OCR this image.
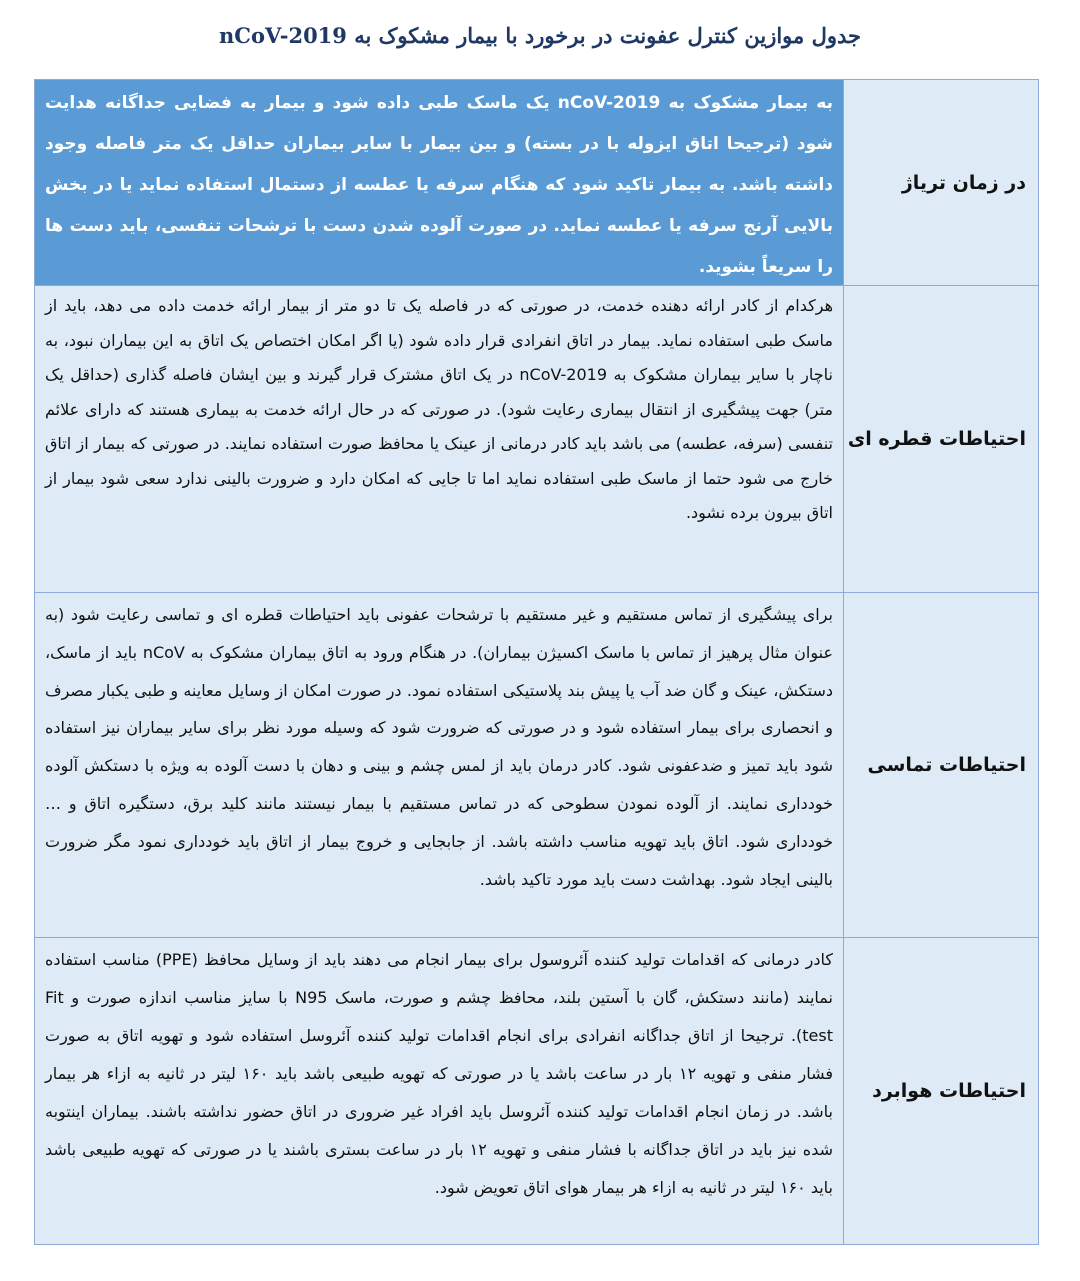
جدول موازین کنترل عفونت در برخورد با بیمار مشکوک به nCoV-2019
در زمان تریاژ
به بیمار مشکوک به nCoV-2019 یک ماسک طبی داده شود و بیمار به فضایی جداگانه هدایت شود (ترجیحا اتاق ایزوله با در بسته) و بین بیمار با سایر بیماران حداقل یک متر فاصله وجود داشته باشد. به بیمار تاکید شود که هنگام سرفه یا عطسه از دستمال استفاده نماید یا در بخش بالایی آرنج سرفه یا عطسه نماید. در صورت آلوده شدن دست با ترشحات تنفسی، باید دست ها را سریعاً بشوید.
احتیاطات قطره ای
هرکدام از کادر ارائه دهنده خدمت، در صورتی که در فاصله یک تا دو متر از بیمار ارائه خدمت داده می دهد، باید از ماسک طبی استفاده نماید. بیمار در اتاق انفرادی قرار داده شود (یا اگر امکان اختصاص یک اتاق به این بیماران نبود، به ناچار با سایر بیماران مشکوک به nCoV-2019 در یک اتاق مشترک قرار گیرند و بین ایشان فاصله گذاری (حداقل یک متر) جهت پیشگیری از انتقال بیماری رعایت شود). در صورتی که در حال ارائه خدمت به بیماری هستند که دارای علائم تنفسی (سرفه، عطسه) می باشد باید کادر درمانی از عینک یا محافظ صورت استفاده نمایند. در صورتی که بیمار از اتاق خارج می شود حتما از ماسک طبی استفاده نماید اما تا جایی که امکان دارد و ضرورت بالینی ندارد سعی شود بیمار از اتاق بیرون برده نشود.
احتیاطات تماسی
برای پیشگیری از تماس مستقیم و غیر مستقیم با ترشحات عفونی باید احتیاطات قطره ای و تماسی رعایت شود (به عنوان مثال پرهیز از تماس با ماسک اکسیژن بیماران). در هنگام ورود به اتاق بیماران مشکوک به nCoV باید از ماسک، دستکش، عینک و گان ضد آب یا پیش بند پلاستیکی استفاده نمود. در صورت امکان از وسایل معاینه و طبی یکبار مصرف و انحصاری برای بیمار استفاده شود و در صورتی که ضرورت شود که وسیله مورد نظر برای سایر بیماران نیز استفاده شود باید تمیز و ضدعفونی شود. کادر درمان باید از لمس چشم و بینی و دهان با دست آلوده به ویژه با دستکش آلوده خودداری نمایند. از آلوده نمودن سطوحی که در تماس مستقیم با بیمار نیستند مانند کلید برق، دستگیره اتاق و … خودداری شود. اتاق باید تهویه مناسب داشته باشد. از جابجایی و خروج بیمار از اتاق باید خودداری نمود مگر ضرورت بالینی ایجاد شود. بهداشت دست باید مورد تاکید باشد.
احتیاطات هوابرد
کادر درمانی که اقدامات تولید کننده آئروسول برای بیمار انجام می دهند باید از وسایل محافظ (PPE) مناسب استفاده نمایند (مانند دستکش، گان با آستین بلند، محافظ چشم و صورت، ماسک N95 با سایز مناسب اندازه صورت و Fit test). ترجیحا از اتاق جداگانه انفرادی برای انجام اقدامات تولید کننده آئروسل استفاده شود و تهویه اتاق به صورت فشار منفی و تهویه ۱۲ بار در ساعت باشد یا در صورتی که تهویه طبیعی باشد باید ۱۶۰ لیتر در ثانیه به ازاء هر بیمار باشد. در زمان انجام اقدامات تولید کننده آئروسل باید افراد غیر ضروری در اتاق حضور نداشته باشند. بیماران اینتوبه شده نیز باید در اتاق جداگانه با فشار منفی و تهویه ۱۲ بار در ساعت بستری باشند یا در صورتی که تهویه طبیعی باشد باید ۱۶۰ لیتر در ثانیه به ازاء هر بیمار هوای اتاق تعویض شود.
